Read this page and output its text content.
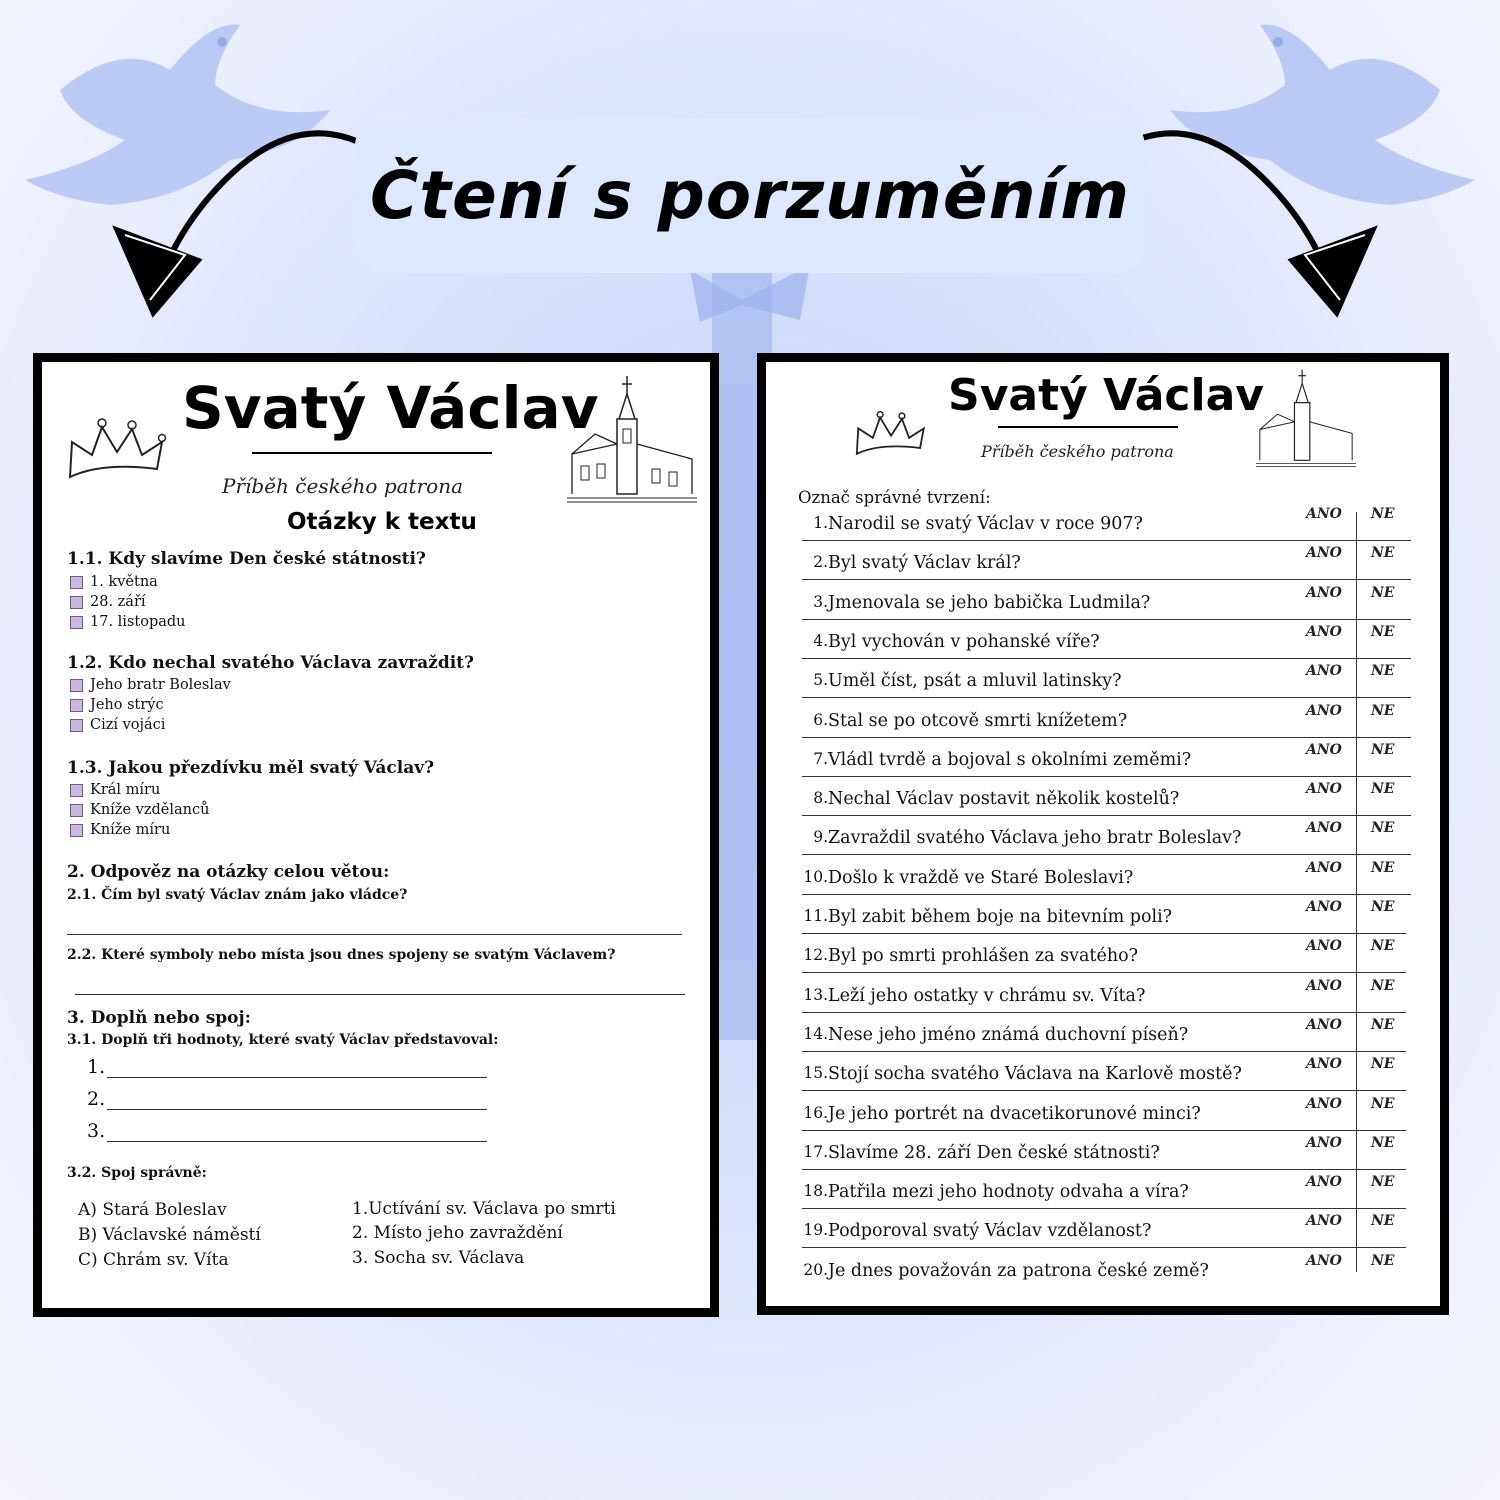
Čtení s porzuměním
Svatý Václav
Příběh českého patrona
Otázky k textu
1.1. Kdy slavíme Den české státnosti?
1. května
28. září
17. listopadu
1.2. Kdo nechal svatého Václava zavraždit?
Jeho bratr Boleslav
Jeho strýc
Cizí vojáci
1.3. Jakou přezdívku měl svatý Václav?
Král míru
Kníže vzdělanců
Kníže míru
2. Odpověz na otázky celou větou:
2.1. Čím byl svatý Václav znám jako vládce?
2.2. Které symboly nebo místa jsou dnes spojeny se svatým Václavem?
3. Doplň nebo spoj:
3.1. Doplň tři hodnoty, které svatý Václav představoval:
1.
2.
3.
3.2. Spoj správně:
A) Stará Boleslav
B) Václavské náměstí
C) Chrám sv. Víta
1.Uctívání sv. Václava po smrti
2. Místo jeho zavraždění
3. Socha sv. Václava
Svatý Václav
Příběh českého patrona
Označ správné tvrzení:
1. Narodil se svatý Václav v roce 907?	ANO NE
2. Byl svatý Václav král?	ANO NE
3. Jmenovala se jeho babička Ludmila?	ANO NE
4. Byl vychován v pohanské víře?	ANO NE
5. Uměl číst, psát a mluvil latinsky?	ANO NE
6. Stal se po otcově smrti knížetem?	ANO NE
7. Vládl tvrdě a bojoval s okolními zeměmi?	ANO NE
8. Nechal Václav postavit několik kostelů?	ANO NE
9. Zavraždil svatého Václava jeho bratr Boleslav?	ANO NE
10. Došlo k vraždě ve Staré Boleslavi?	ANO NE
11. Byl zabit během boje na bitevním poli?	ANO NE
12. Byl po smrti prohlášen za svatého?	ANO NE
13. Leží jeho ostatky v chrámu sv. Víta?	ANO NE
14. Nese jeho jméno známá duchovní píseň?	ANO NE
15. Stojí socha svatého Václava na Karlově mostě?	ANO NE
16. Je jeho portrét na dvacetikorunové minci?	ANO NE
17. Slavíme 28. září Den české státnosti?	ANO NE
18. Patřila mezi jeho hodnoty odvaha a víra?	ANO NE
19. Podporoval svatý Václav vzdělanost?	ANO NE
20. Je dnes považován za patrona české země?	ANO NE
